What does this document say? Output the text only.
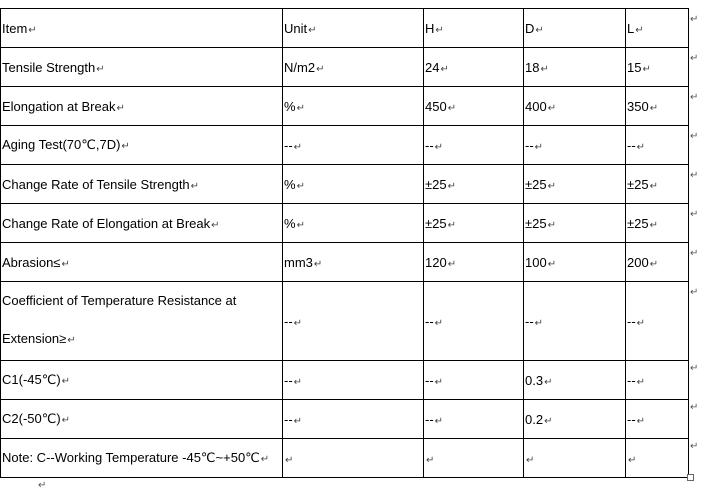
Item↵	Unit↵	H↵	D↵	L↵
Tensile Strength↵	N/m2↵	24↵	18↵	15↵
Elongation at Break↵	%↵	450↵	400↵	350↵
Aging Test(70℃,7D)↵	--↵	--↵	--↵	--↵
Change Rate of Tensile Strength↵	%↵	±25↵	±25↵	±25↵
Change Rate of Elongation at Break↵	%↵	±25↵	±25↵	±25↵
Abrasion≤↵	mm3↵	120↵	100↵	200↵
Coefficient of Temperature Resistance at Extension≥↵	--↵	--↵	--↵	--↵
C1(-45℃)↵	--↵	--↵	0.3↵	--↵
C2(-50℃)↵	--↵	--↵	0.2↵	--↵
Note: C--Working Temperature -45℃~+50℃↵	↵	↵	↵	↵
↵
↵
↵
↵
↵
↵
↵
↵
↵
↵
↵
↵
